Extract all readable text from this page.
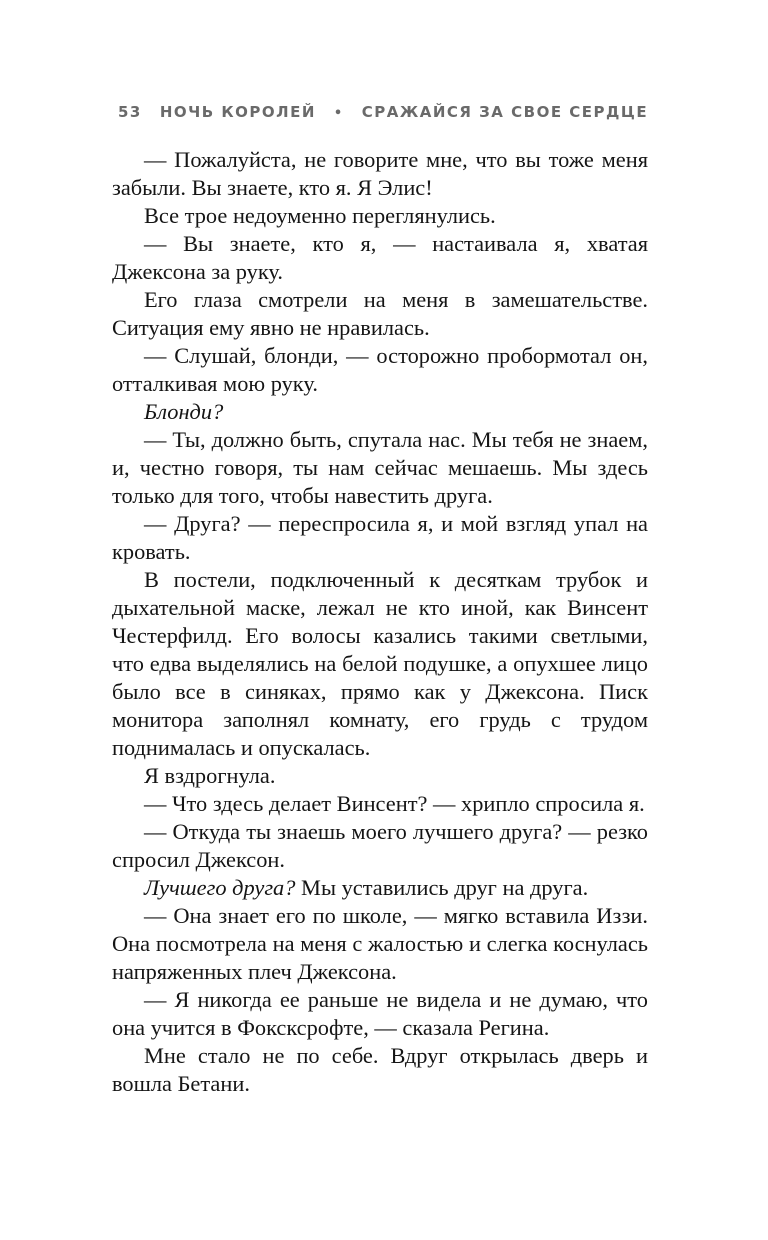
53 НОЧЬ КОРОЛЕЙ • СРАЖАЙСЯ ЗА СВОЕ СЕРДЦЕ

— Пожалуйста, не говорите мне, что вы тоже меня забыли. Вы знаете, кто я. Я Элис!

Все трое недоуменно переглянулись.

— Вы знаете, кто я, — настаивала я, хватая Джексона за руку.

Его глаза смотрели на меня в замешательстве. Ситуация ему явно не нравилась.

— Слушай, блонди, — осторожно пробормотал он, отталкивая мою руку.

Блонди?

— Ты, должно быть, спутала нас. Мы тебя не знаем, и, честно говоря, ты нам сейчас мешаешь. Мы здесь только для того, чтобы навестить друга.

— Друга? — переспросила я, и мой взгляд упал на кровать.

В постели, подключенный к десяткам трубок и дыхательной маске, лежал не кто иной, как Винсент Честерфилд. Его волосы казались такими светлыми, что едва выделялись на белой подушке, а опухшее лицо было все в синяках, прямо как у Джексона. Писк монитора заполнял комнату, его грудь с трудом поднималась и опускалась.

Я вздрогнула.

— Что здесь делает Винсент? — хрипло спросила я.

— Откуда ты знаешь моего лучшего друга? — резко спросил Джексон.

Лучшего друга? Мы уставились друг на друга.

— Она знает его по школе, — мягко вставила Иззи. Она посмотрела на меня с жалостью и слегка коснулась напряженных плеч Джексона.

— Я никогда ее раньше не видела и не думаю, что она учится в Фоксксрофте, — сказала Регина.

Мне стало не по себе. Вдруг открылась дверь и вошла Бетани.
